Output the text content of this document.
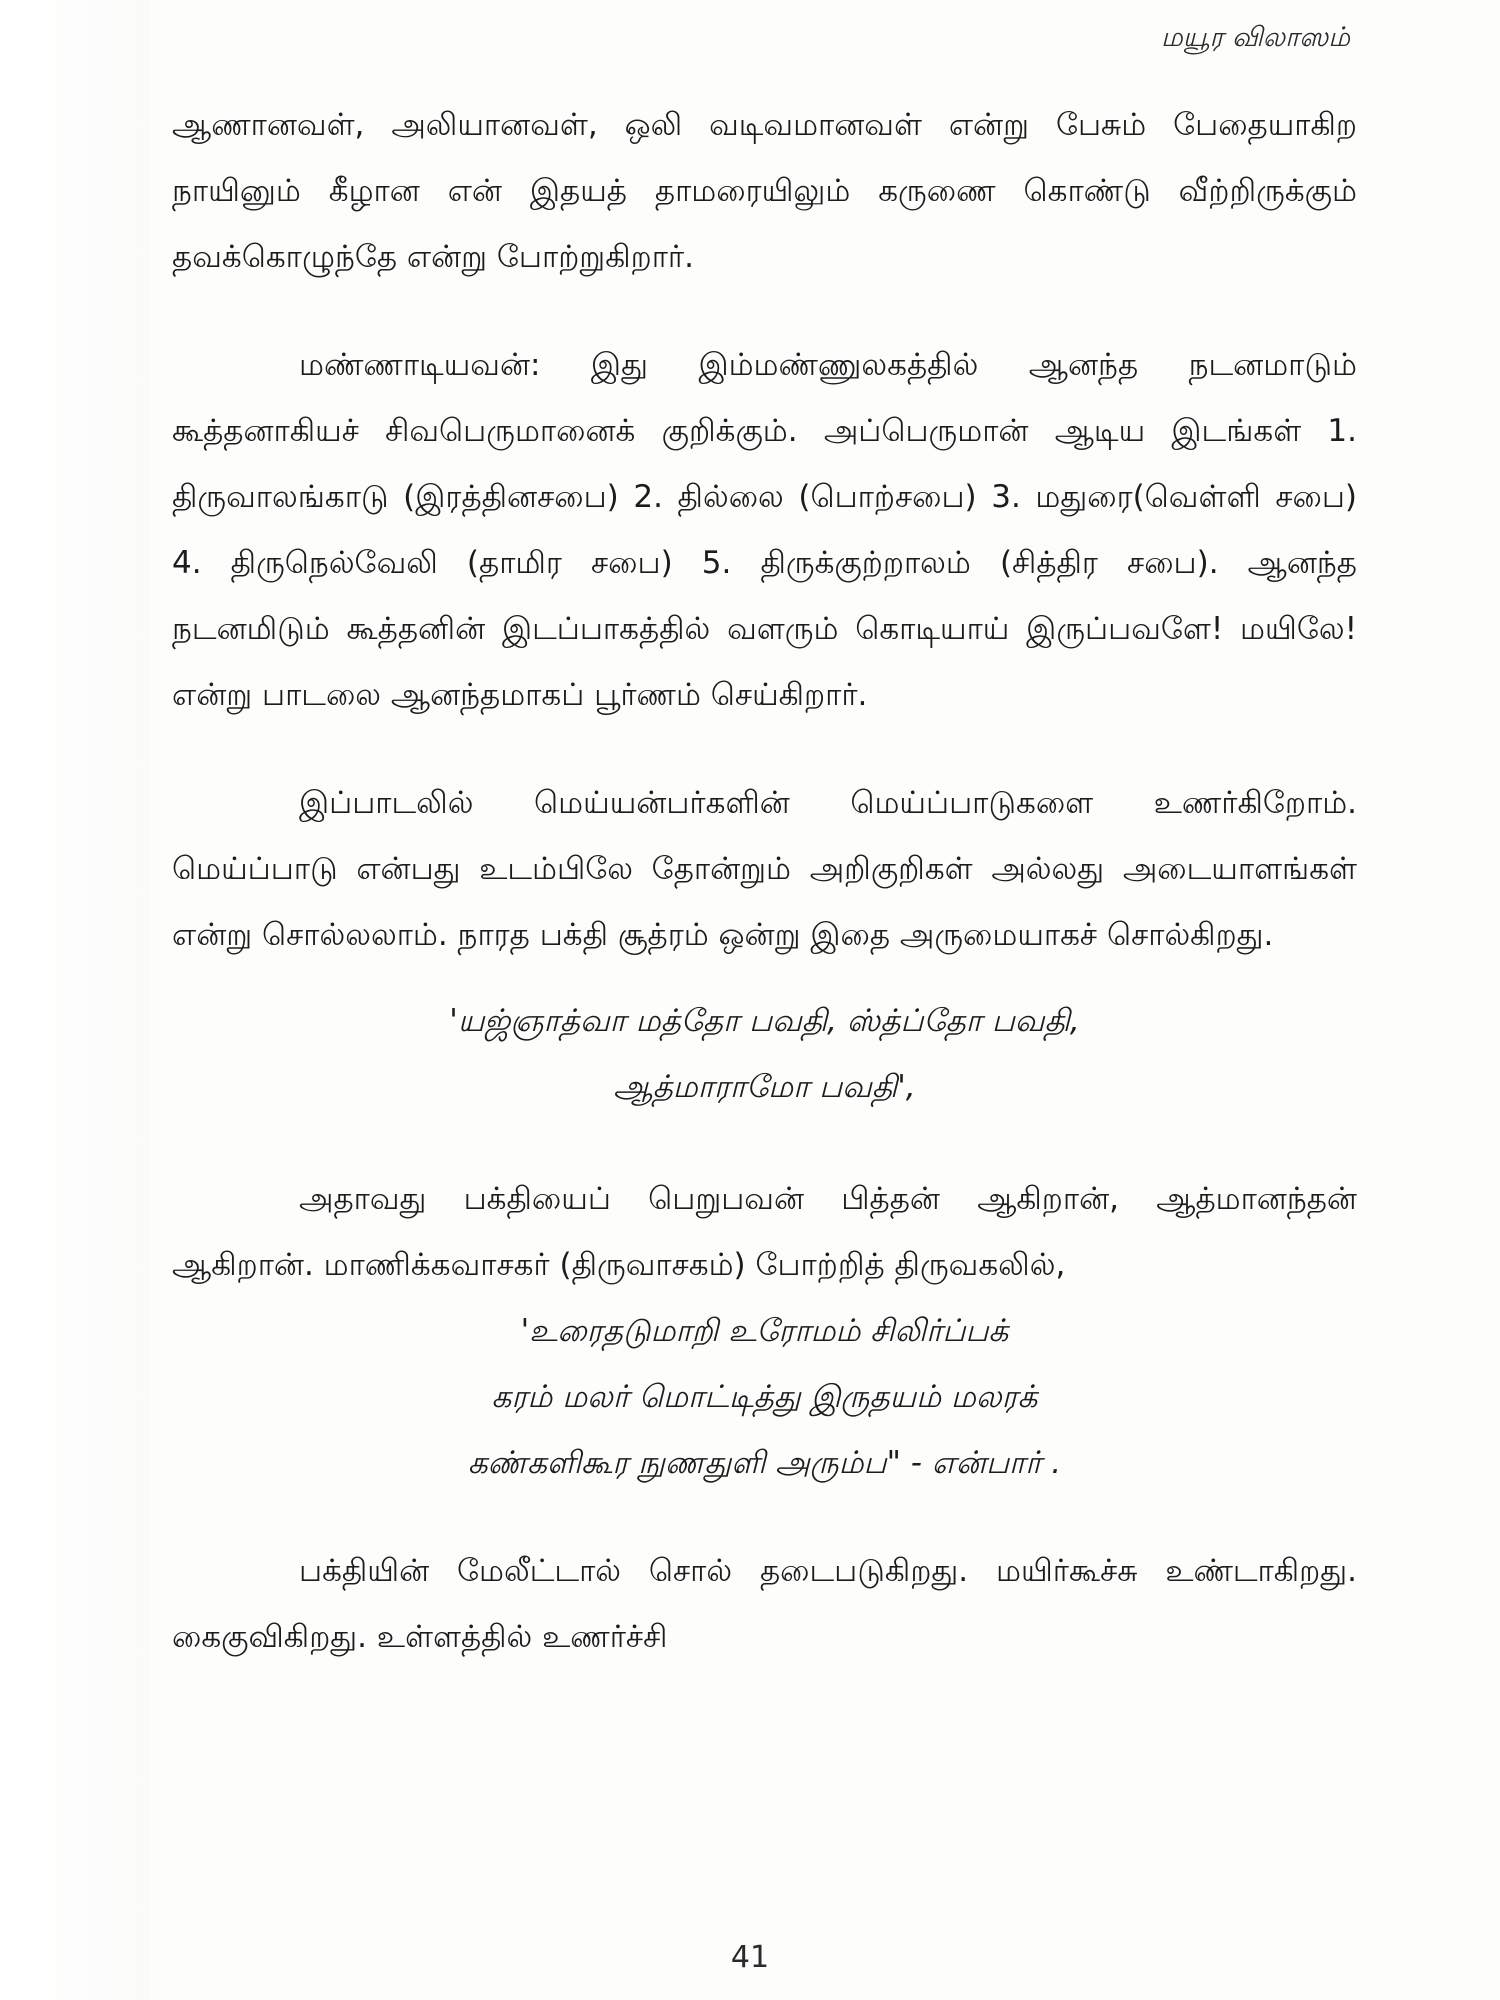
மயூர விலாஸம்

ஆணானவள், அலியானவள், ஒலி வடிவமானவள் என்று பேசும் பேதையாகிற நாயினும் கீழான என் இதயத் தாமரையிலும் கருணை கொண்டு வீற்றிருக்கும் தவக்கொழுந்தே என்று போற்றுகிறார்.

மண்ணாடியவன்: இது இம்மண்ணுலகத்தில் ஆனந்த நடனமாடும் கூத்தனாகியச் சிவபெருமானைக் குறிக்கும். அப்பெருமான் ஆடிய இடங்கள் 1. திருவாலங்காடு (இரத்தினசபை) 2. தில்லை (பொற்சபை) 3. மதுரை(வெள்ளி சபை) 4. திருநெல்வேலி (தாமிர சபை) 5. திருக்குற்றாலம் (சித்திர சபை). ஆனந்த நடனமிடும் கூத்தனின் இடப்பாகத்தில் வளரும் கொடியாய் இருப்பவளே! மயிலே! என்று பாடலை ஆனந்தமாகப் பூர்ணம் செய்கிறார்.

இப்பாடலில் மெய்யன்பர்களின் மெய்ப்பாடுகளை உணர்கிறோம். மெய்ப்பாடு என்பது உடம்பிலே தோன்றும் அறிகுறிகள் அல்லது அடையாளங்கள் என்று சொல்லலாம். நாரத பக்தி சூத்ரம் ஒன்று இதை அருமையாகச் சொல்கிறது.

'யஜ்ஞாத்வா மத்தோ பவதி, ஸ்த்ப்தோ பவதி,
ஆத்மாராமோ பவதி',

அதாவது பக்தியைப் பெறுபவன் பித்தன் ஆகிறான், ஆத்மானந்தன் ஆகிறான். மாணிக்கவாசகர் (திருவாசகம்) போற்றித் திருவகலில்,

'உரைதடுமாறி உரோமம் சிலிர்ப்பக்
கரம் மலர் மொட்டித்து இருதயம் மலரக்
கண்களிகூர நுணதுளி அரும்ப" - என்பார் .

பக்தியின் மேலீட்டால் சொல் தடைபடுகிறது. மயிர்கூச்சு உண்டாகிறது. கைகுவிகிறது. உள்ளத்தில் உணர்ச்சி

41
